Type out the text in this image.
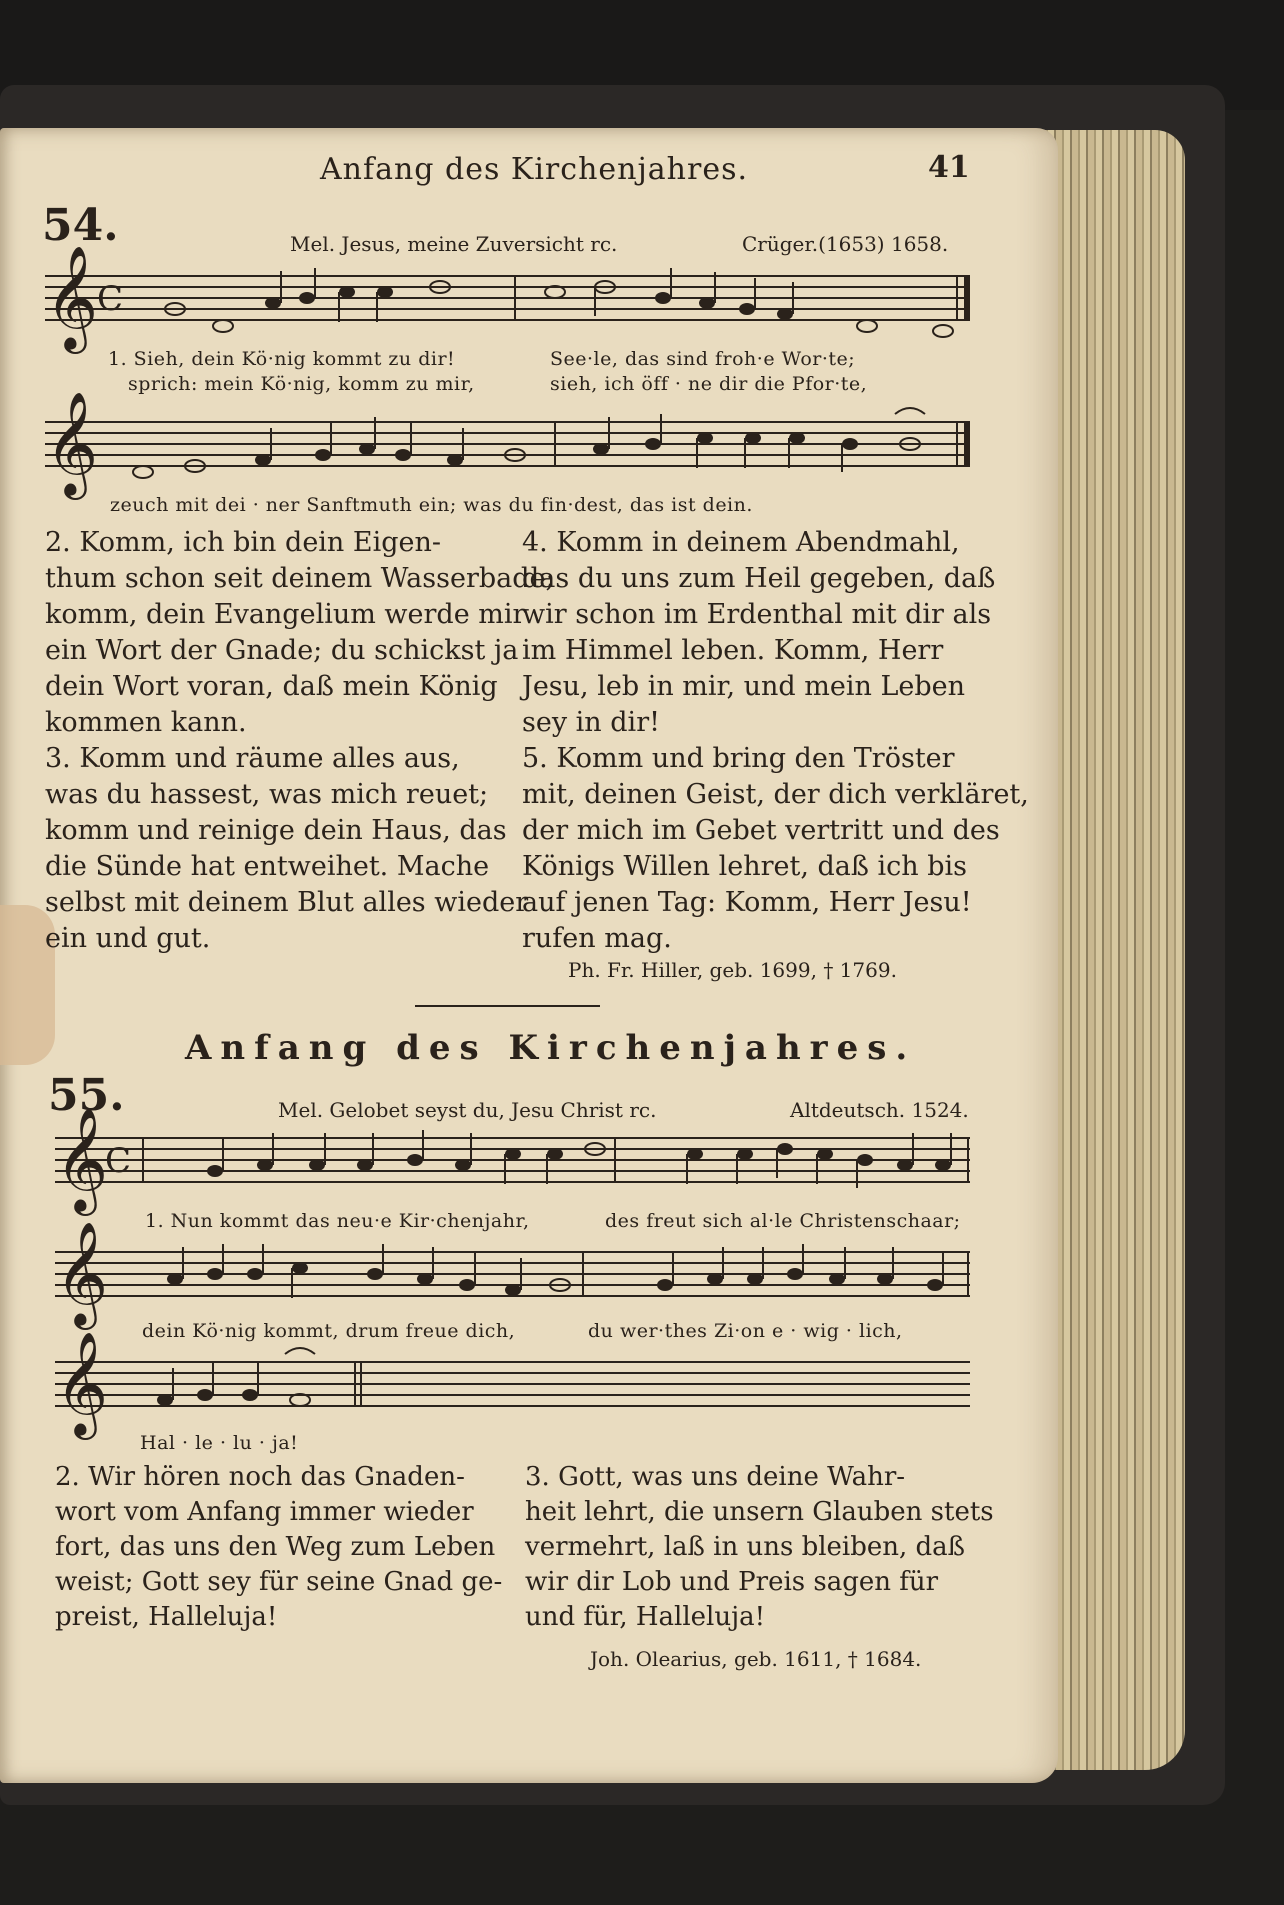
Anfang des Kirchenjahres.	41
54.	Mel. Jesus, meine Zuversicht rc.	Crüger.(1653) 1658.
𝄞
C
1. Sieh, dein Kö·nig kommt zu dir!	See·le, das sind froh·e Wor·te;
sprich: mein Kö·nig, komm zu mir,	sieh, ich öff · ne dir die Pfor·te,
𝄞
zeuch mit dei · ner Sanftmuth ein; was du fin·dest, das ist dein.
2. Komm, ich bin dein Eigen-
thum schon seit deinem Wasserbade;
komm, dein Evangelium werde mir
ein Wort der Gnade; du schickst ja
dein Wort voran, daß mein König
kommen kann.
3. Komm und räume alles aus,
was du hassest, was mich reuet;
komm und reinige dein Haus, das
die Sünde hat entweihet. Mache
selbst mit deinem Blut alles wieder
ein und gut.
4. Komm in deinem Abendmahl,
das du uns zum Heil gegeben, daß
wir schon im Erdenthal mit dir als
im Himmel leben. Komm, Herr
Jesu, leb in mir, und mein Leben
sey in dir!
5. Komm und bring den Tröster
mit, deinen Geist, der dich verkläret,
der mich im Gebet vertritt und des
Königs Willen lehret, daß ich bis
auf jenen Tag: Komm, Herr Jesu!
rufen mag.
Ph. Fr. Hiller, geb. 1699, † 1769.
Anfang des Kirchenjahres.
55.	Mel. Gelobet seyst du, Jesu Christ rc.	Altdeutsch. 1524.
𝄞
C
1. Nun kommt das neu·e Kir·chenjahr,	des freut sich al·le Christenschaar;
𝄞
dein Kö·nig kommt, drum freue dich,	du wer·thes Zi·on e · wig · lich,
𝄞
Hal · le · lu · ja!
2. Wir hören noch das Gnaden-
wort vom Anfang immer wieder
fort, das uns den Weg zum Leben
weist; Gott sey für seine Gnad ge-
preist, Halleluja!
3. Gott, was uns deine Wahr-
heit lehrt, die unsern Glauben stets
vermehrt, laß in uns bleiben, daß
wir dir Lob und Preis sagen für
und für, Halleluja!
Joh. Olearius, geb. 1611, † 1684.
